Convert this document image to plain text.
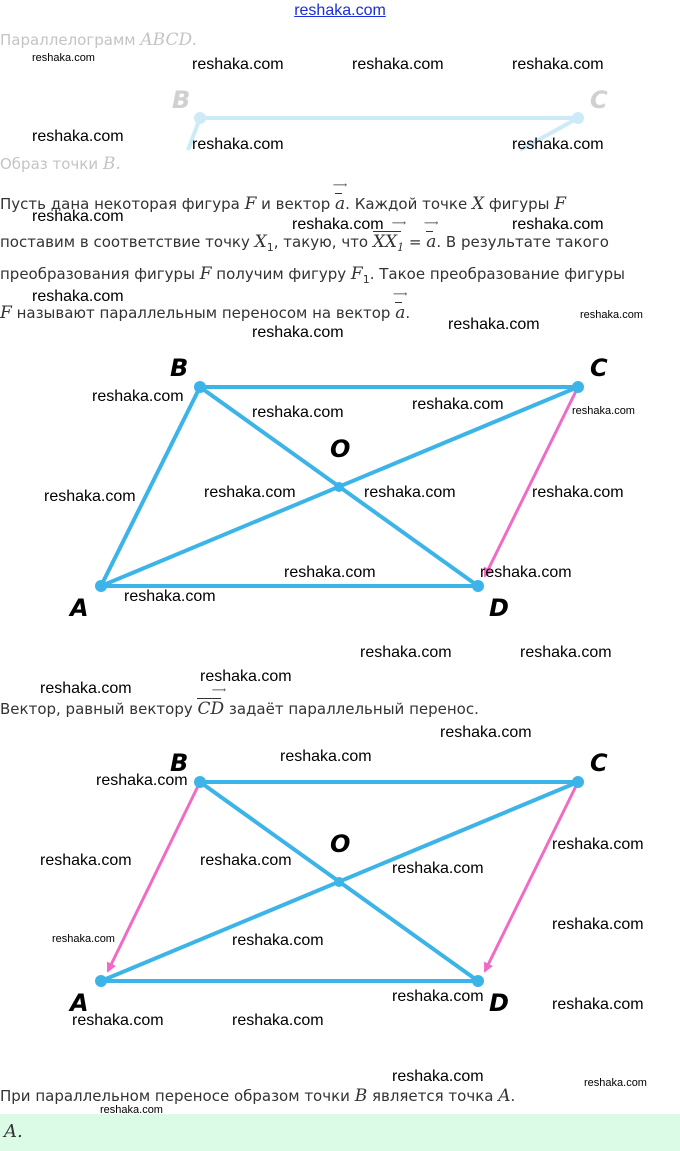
reshaka.com
Параллелограмм ABCD.
B	C
Образ точки B.
Пусть дана некоторая фигура F и вектор a ⟶. Каждой точке X фигуры F
поставим в соответствие точку $X_1$, такую, что $XX_1$ ⟶ = a ⟶. В результате такого
преобразования фигуры F получим фигуру $F_1$. Такое преобразование фигуры
F называют параллельным переносом на вектор a ⟶.
B	C
A	D
O
Вектор, равный вектору CD ⟶ задаёт параллельный перенос.
B	C
A	D
O
При параллельном переносе образом точки B является точка A.
A.
reshaka.com	reshaka.com	reshaka.com	reshaka.com
reshaka.com	reshaka.com	reshaka.com
reshaka.com	reshaka.com	reshaka.com
reshaka.com
reshaka.com
reshaka.com
reshaka.com
reshaka.com	reshaka.com	reshaka.com
reshaka.com
reshaka.com	reshaka.com	reshaka.com	reshaka.com
reshaka.com	reshaka.com
reshaka.com
reshaka.com	reshaka.com
reshaka.com
reshaka.com
reshaka.com
reshaka.com
reshaka.com
reshaka.com
reshaka.com	reshaka.com	reshaka.com
reshaka.com
reshaka.com	reshaka.com
reshaka.com	reshaka.com
reshaka.com	reshaka.com
reshaka.com	reshaka.com
reshaka.com
